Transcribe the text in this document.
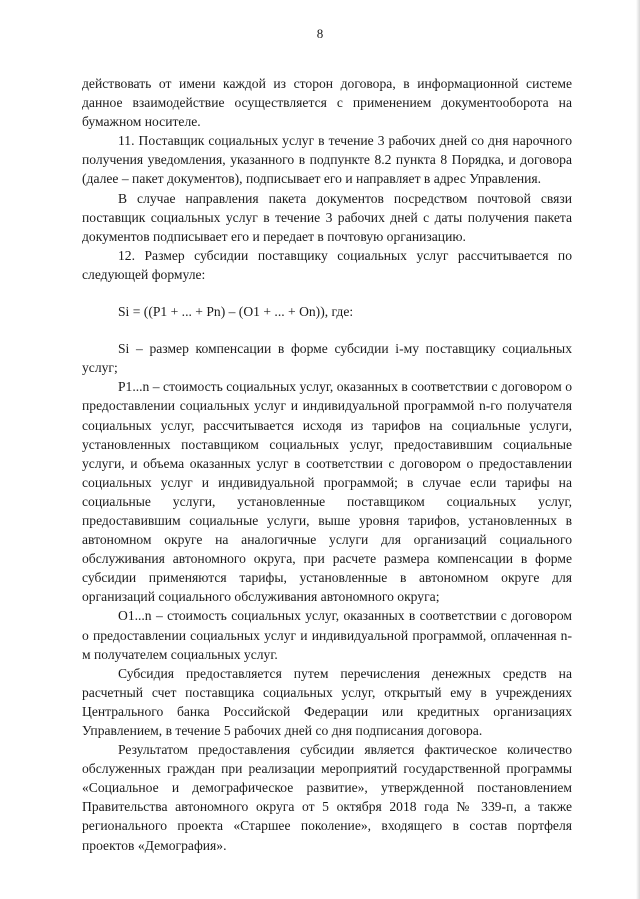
8

действовать от имени каждой из сторон договора, в информационной системе данное взаимодействие осуществляется с применением документооборота на бумажном носителе.

11. Поставщик социальных услуг в течение 3 рабочих дней со дня нарочного получения уведомления, указанного в подпункте 8.2 пункта 8 Порядка, и договора (далее – пакет документов), подписывает его и направляет в адрес Управления.

В случае направления пакета документов посредством почтовой связи поставщик социальных услуг в течение 3 рабочих дней с даты получения пакета документов подписывает его и передает в почтовую организацию.

12. Размер субсидии поставщику социальных услуг рассчитывается по следующей формуле:

Si = ((P1 + ... + Pn) – (O1 + ... + On)), где:

Si – размер компенсации в форме субсидии i-му поставщику социальных услуг;

P1...n – стоимость социальных услуг, оказанных в соответствии с договором о предоставлении социальных услуг и индивидуальной программой n-го получателя социальных услуг, рассчитывается исходя из тарифов на социальные услуги, установленных поставщиком социальных услуг, предоставившим социальные услуги, и объема оказанных услуг в соответствии с договором о предоставлении социальных услуг и индивидуальной программой; в случае если тарифы на социальные услуги, установленные поставщиком социальных услуг, предоставившим социальные услуги, выше уровня тарифов, установленных в автономном округе на аналогичные услуги для организаций социального обслуживания автономного округа, при расчете размера компенсации в форме субсидии применяются тарифы, установленные в автономном округе для организаций социального обслуживания автономного округа;

O1...n – стоимость социальных услуг, оказанных в соответствии с договором о предоставлении социальных услуг и индивидуальной программой, оплаченная n-м получателем социальных услуг.

Субсидия предоставляется путем перечисления денежных средств на расчетный счет поставщика социальных услуг, открытый ему в учреждениях Центрального банка Российской Федерации или кредитных организациях Управлением, в течение 5 рабочих дней со дня подписания договора.

Результатом предоставления субсидии является фактическое количество обслуженных граждан при реализации мероприятий государственной программы «Социальное и демографическое развитие», утвержденной постановлением Правительства автономного округа от 5 октября 2018 года № 339-п, а также регионального проекта «Старшее поколение», входящего в состав портфеля проектов «Демография».
